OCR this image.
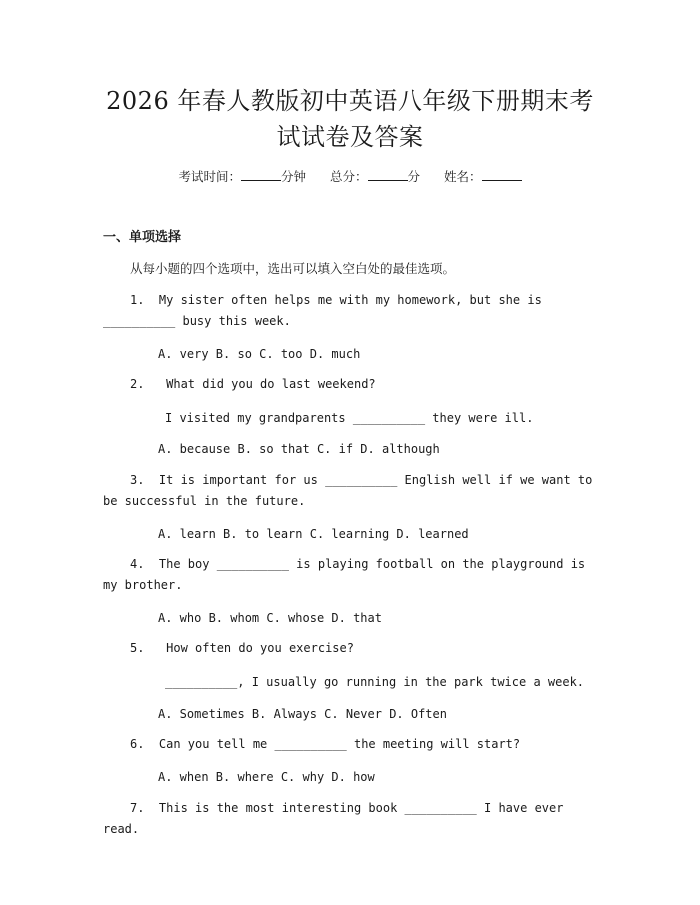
2026 年春人教版初中英语八年级下册期末考
试试卷及答案
考试时间：	分钟 总分：	分 姓名：
一、单项选择
从每小题的四个选项中，选出可以填入空白处的最佳选项。
1.  My sister often helps me with my homework, but she is __________ busy this week.
A. very B. so C. too D. much
2.   What did you do last weekend?
I visited my grandparents __________ they were ill.
A. because B. so that C. if D. although
3.  It is important for us __________ English well if we want to be successful in the future.
A. learn B. to learn C. learning D. learned
4.  The boy __________ is playing football on the playground is my brother.
A. who B. whom C. whose D. that
5.   How often do you exercise?
__________, I usually go running in the park twice a week.
A. Sometimes B. Always C. Never D. Often
6.  Can you tell me __________ the meeting will start?
A. when B. where C. why D. how
7.  This is the most interesting book __________ I have ever read.
